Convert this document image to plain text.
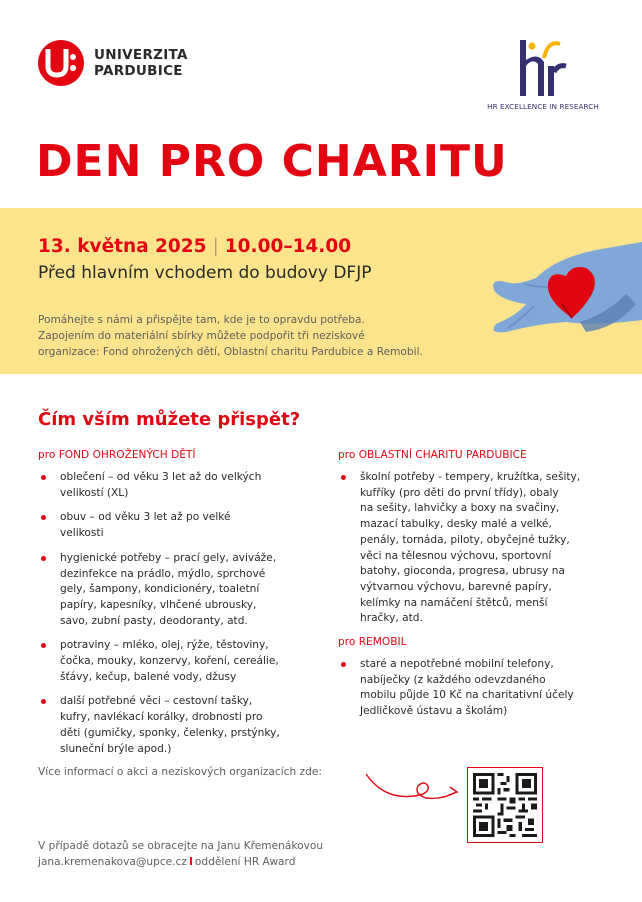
UNIVERZITA
PARDUBICE
HR EXCELLENCE IN RESEARCH
DEN PRO CHARITU
13. května 2025 | 10.00–14.00
Před hlavním vchodem do budovy DFJP

Pomáhejte s námi a přispějte tam, kde je to opravdu potřeba.

Zapojením do materiální sbírky můžete podpořit tři neziskové

organizace: Fond ohrožených dětí, Oblastní charitu Pardubice a Remobil.

Čím vším můžete přispět?
pro FOND OHROŽENÝCH DĚTÍ
oblečení – od věku 3 let až do velkých
velikostí (XL)
obuv – od věku 3 let až po velké
velikosti
hygienické potřeby – prací gely, aviváže,
dezinfekce na prádlo, mýdlo, sprchové
gely, šampony, kondicionéry, toaletní
papíry, kapesníky, vlhčené ubrousky,
savo, zubní pasty, deodoranty, atd.
potraviny – mléko, olej, rýže, těstoviny,
čočka, mouky, konzervy, koření, cereálie,
šťávy, kečup, balené vody, džusy
další potřebné věci – cestovní tašky,
kufry, navlékací korálky, drobnosti pro
děti (gumičky, sponky, čelenky, prstýnky,
sluneční brýle apod.)
pro OBLASTNÍ CHARITU PARDUBICE
školní potřeby - tempery, kružítka, sešity,
kufříky (pro děti do první třídy), obaly
na sešity, lahvičky a boxy na svačiny,
mazací tabulky, desky malé a velké,
penály, tornáda, piloty, obyčejné tužky,
věci na tělesnou výchovu, sportovní
batohy, gioconda, progresa, ubrusy na
výtvarnou výchovu, barevné papíry,
kelímky na namáčení štětců, menší
hračky, atd.
pro REMOBIL
staré a nepotřebné mobilní telefony,
nabíječky (z každého odevzdaného
mobilu půjde 10 Kč na charitativní účely
Jedličkově ústavu a školám)
Více informací o akci a neziskových organizacích zde:

V případě dotazů se obracejte na Janu Křemenákovou

jana.kremenakova@upce.cz I oddělení HR Award
